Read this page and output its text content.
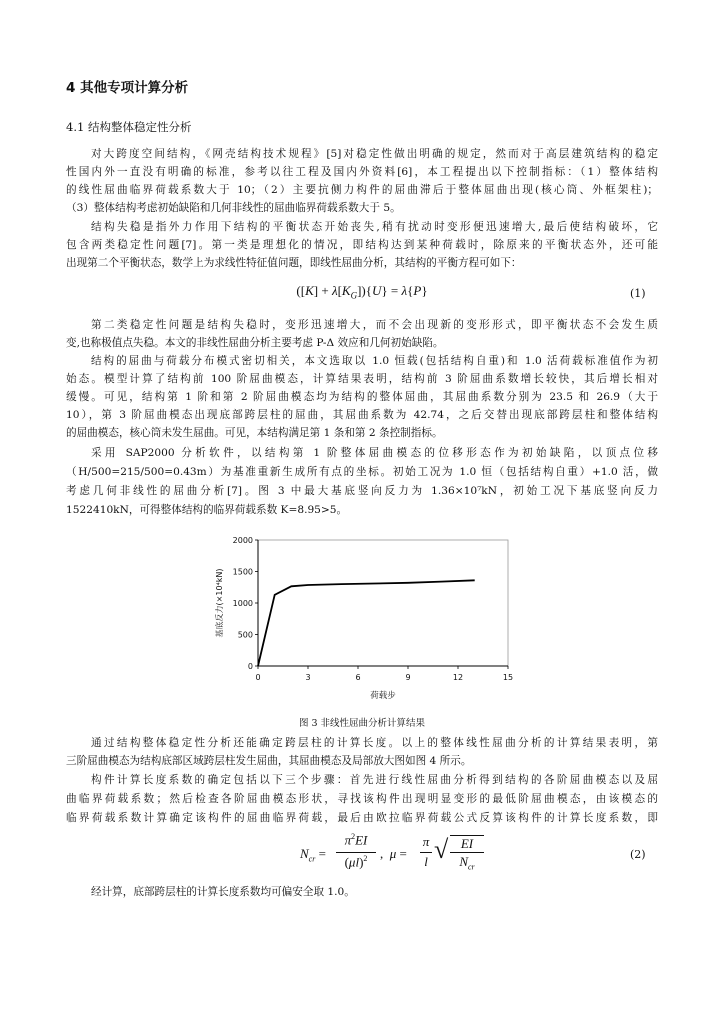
4 其他专项计算分析
4.1 结构整体稳定性分析
对大跨度空间结构，《网壳结构技术规程》[5]对稳定性做出明确的规定，然而对于高层建筑结构的稳定
性国内外一直没有明确的标准，参考以往工程及国内外资料[6]，本工程提出以下控制指标：（1）整体结构
的线性屈曲临界荷载系数大于 10；（2）主要抗侧力构件的屈曲滞后于整体屈曲出现(核心筒、外框架柱)；
（3）整体结构考虑初始缺陷和几何非线性的屈曲临界荷载系数大于 5。
结构失稳是指外力作用下结构的平衡状态开始丧失,稍有扰动时变形便迅速增大,最后使结构破坏，它
包含两类稳定性问题[7]。第一类是理想化的情况，即结构达到某种荷载时，除原来的平衡状态外，还可能
出现第二个平衡状态，数学上为求线性特征值问题，即线性屈曲分析，其结构的平衡方程可如下：
$([K] + \lambda[K_G])\{U\} = \lambda\{P\}$	(1)
第二类稳定性问题是结构失稳时，变形迅速增大，而不会出现新的变形形式，即平衡状态不会发生质
变,也称极值点失稳。本文的非线性屈曲分析主要考虑 P-Δ 效应和几何初始缺陷。
结构的屈曲与荷载分布模式密切相关，本文选取以 1.0 恒载(包括结构自重)和 1.0 活荷载标准值作为初
始态。模型计算了结构前 100 阶屈曲模态，计算结果表明，结构前 3 阶屈曲系数增长较快，其后增长相对
缓慢。可见，结构第 1 阶和第 2 阶屈曲模态均为结构的整体屈曲，其屈曲系数分别为 23.5 和 26.9（大于
10），第 3 阶屈曲模态出现底部跨层柱的屈曲，其屈曲系数为 42.74，之后交替出现底部跨层柱和整体结构
的屈曲模态，核心筒未发生屈曲。可见，本结构满足第 1 条和第 2 条控制指标。
采用 SAP2000 分析软件，以结构第 1 阶整体屈曲模态的位移形态作为初始缺陷，以顶点位移
（H/500=215/500=0.43m）为基准重新生成所有点的坐标。初始工况为 1.0 恒（包括结构自重）+1.0 活，做
考虑几何非线性的屈曲分析[7]。图 3 中最大基底竖向反力为 1.36×10⁷kN，初始工况下基底竖向反力
1522410kN，可得整体结构的临界荷载系数 K=8.95>5。
0
500
1000
1500
2000
0	3	6	9	12	15
荷载步
基底反力(×10⁴kN)
图 3 非线性屈曲分析计算结果
通过结构整体稳定性分析还能确定跨层柱的计算长度。以上的整体线性屈曲分析的计算结果表明，第
三阶屈曲模态为结构底部区域跨层柱发生屈曲，其屈曲模态及局部放大图如图 4 所示。
构件计算长度系数的确定包括以下三个步骤：首先进行线性屈曲分析得到结构的各阶屈曲模态以及屈
曲临界荷载系数；然后检查各阶屈曲模态形状，寻找该构件出现明显变形的最低阶屈曲模态，由该模态的
临界荷载系数计算确定该构件的屈曲临界荷载，最后由欧拉临界荷载公式反算该构件的计算长度系数，即
$N_{cr}$ =
$\pi^2EI$
$(\mu l)^2$ ,  μ =
π
l √ EI
$N_{cr}$
(2)
经计算，底部跨层柱的计算长度系数均可偏安全取 1.0。
